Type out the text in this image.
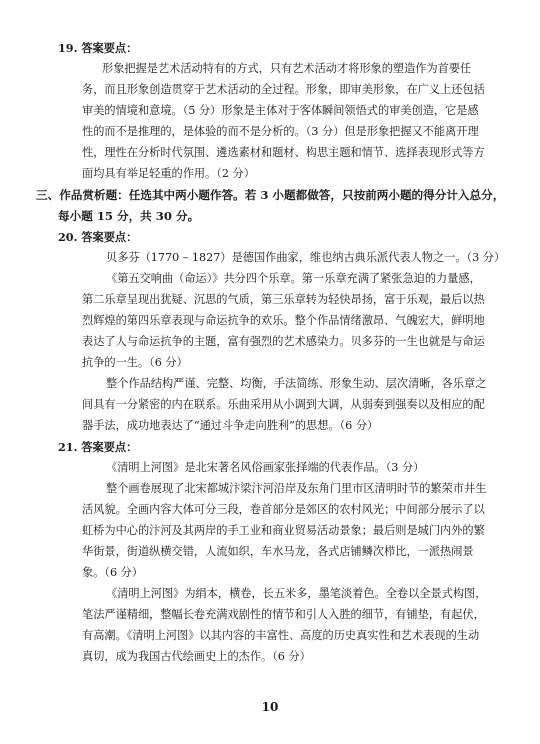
19. 答案要点：
形象把握是艺术活动特有的方式，只有艺术活动才将形象的塑造作为首要任
务，而且形象创造贯穿于艺术活动的全过程。形象，即审美形象，在广义上还包括
审美的情境和意境。（5 分）形象是主体对于客体瞬间领悟式的审美创造，它是感
性的而不是推理的，是体验的而不是分析的。（3 分）但是形象把握又不能离开理
性，理性在分析时代氛围、遴选素材和题材、构思主题和情节、选择表现形式等方
面均具有举足轻重的作用。（2 分）
三、作品赏析题：任选其中两小题作答。若 3 小题都做答，只按前两小题的得分计入总分，
每小题 15 分，共 30 分。
20. 答案要点：
贝多芬（1770 – 1827）是德国作曲家，维也纳古典乐派代表人物之一。（3 分）
《第五交响曲（命运）》共分四个乐章。第一乐章充满了紧张急迫的力量感，
第二乐章呈现出犹疑、沉思的气质，第三乐章转为轻快昂扬，富于乐观，最后以热
烈辉煌的第四乐章表现与命运抗争的欢乐。整个作品情绪激昂、气魄宏大，鲜明地
表达了人与命运抗争的主题，富有强烈的艺术感染力。贝多芬的一生也就是与命运
抗争的一生。（6 分）
整个作品结构严谨、完整、均衡，手法简练、形象生动、层次清晰，各乐章之
间具有一分紧密的内在联系。乐曲采用从小调到大调，从弱奏到强奏以及相应的配
器手法，成功地表达了“通过斗争走向胜利”的思想。（6 分）
21. 答案要点：
《清明上河图》是北宋著名风俗画家张择端的代表作品。（3 分）
整个画卷展现了北宋都城汴梁汴河沿岸及东角门里市区清明时节的繁荣市井生
活风貌。全画内容大体可分三段，卷首部分是郊区的农村风光；中间部分展示了以
虹桥为中心的汴河及其两岸的手工业和商业贸易活动景象；最后则是城门内外的繁
华街景，街道纵横交错，人流如织，车水马龙，各式店铺鳞次栉比，一派热闹景
象。（6 分）
《清明上河图》为绢本，横卷，长五米多，墨笔淡着色。全卷以全景式构图，
笔法严谨精细，整幅长卷充满戏剧性的情节和引人入胜的细节，有铺垫，有起伏，
有高潮。《清明上河图》以其内容的丰富性、高度的历史真实性和艺术表现的生动
真切，成为我国古代绘画史上的杰作。（6 分）
10
